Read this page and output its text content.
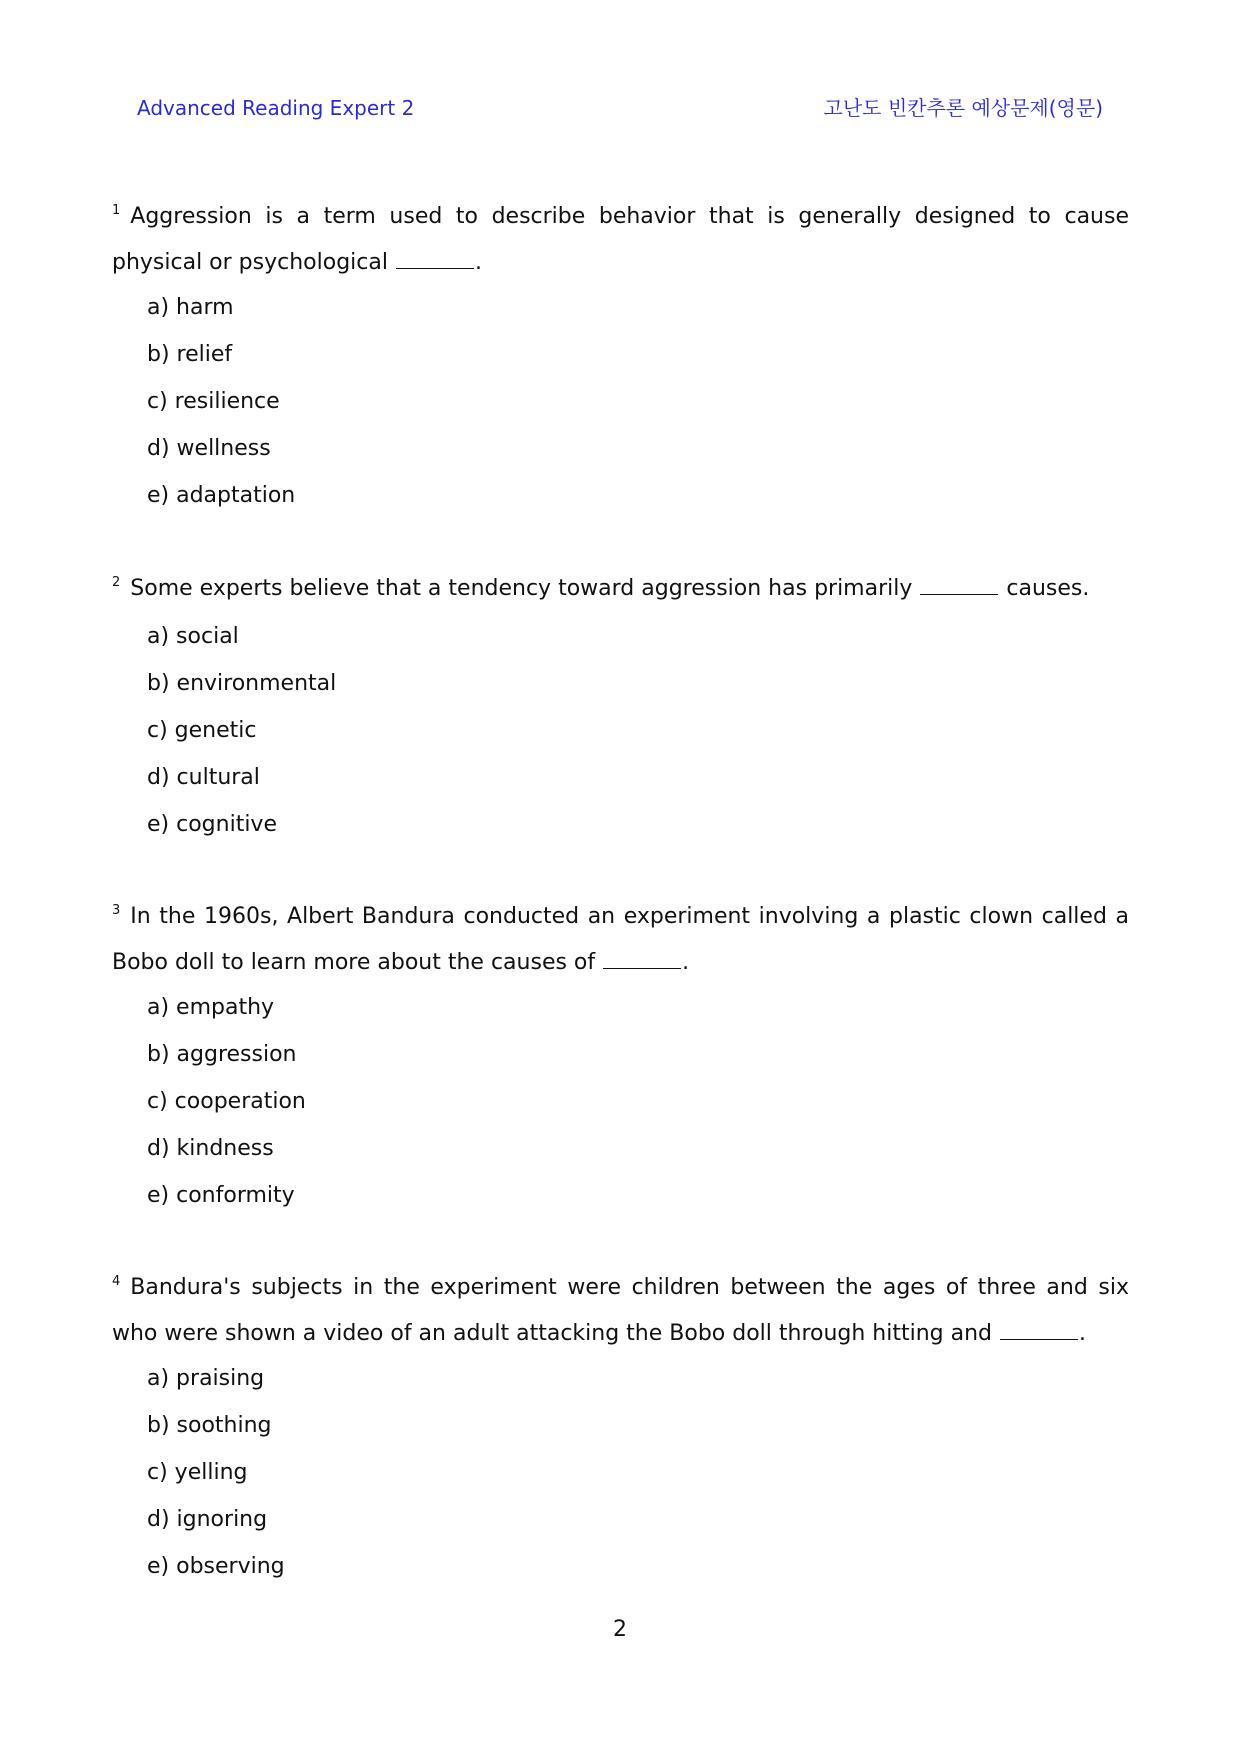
Advanced Reading Expert 2	고난도 빈칸추론 예상문제(영문)

$^1$ Aggression is a term used to describe behavior that is generally designed to cause physical or psychological	.

a) harm
b) relief
c) resilience
d) wellness
e) adaptation

$^2$ Some experts believe that a tendency toward aggression has primarily	causes.

a) social
b) environmental
c) genetic
d) cultural
e) cognitive

$^3$ In the 1960s, Albert Bandura conducted an experiment involving a plastic clown called a Bobo doll to learn more about the causes of	.

a) empathy
b) aggression
c) cooperation
d) kindness
e) conformity

$^4$ Bandura's subjects in the experiment were children between the ages of three and six who were shown a video of an adult attacking the Bobo doll through hitting and	.

a) praising
b) soothing
c) yelling
d) ignoring
e) observing
2
